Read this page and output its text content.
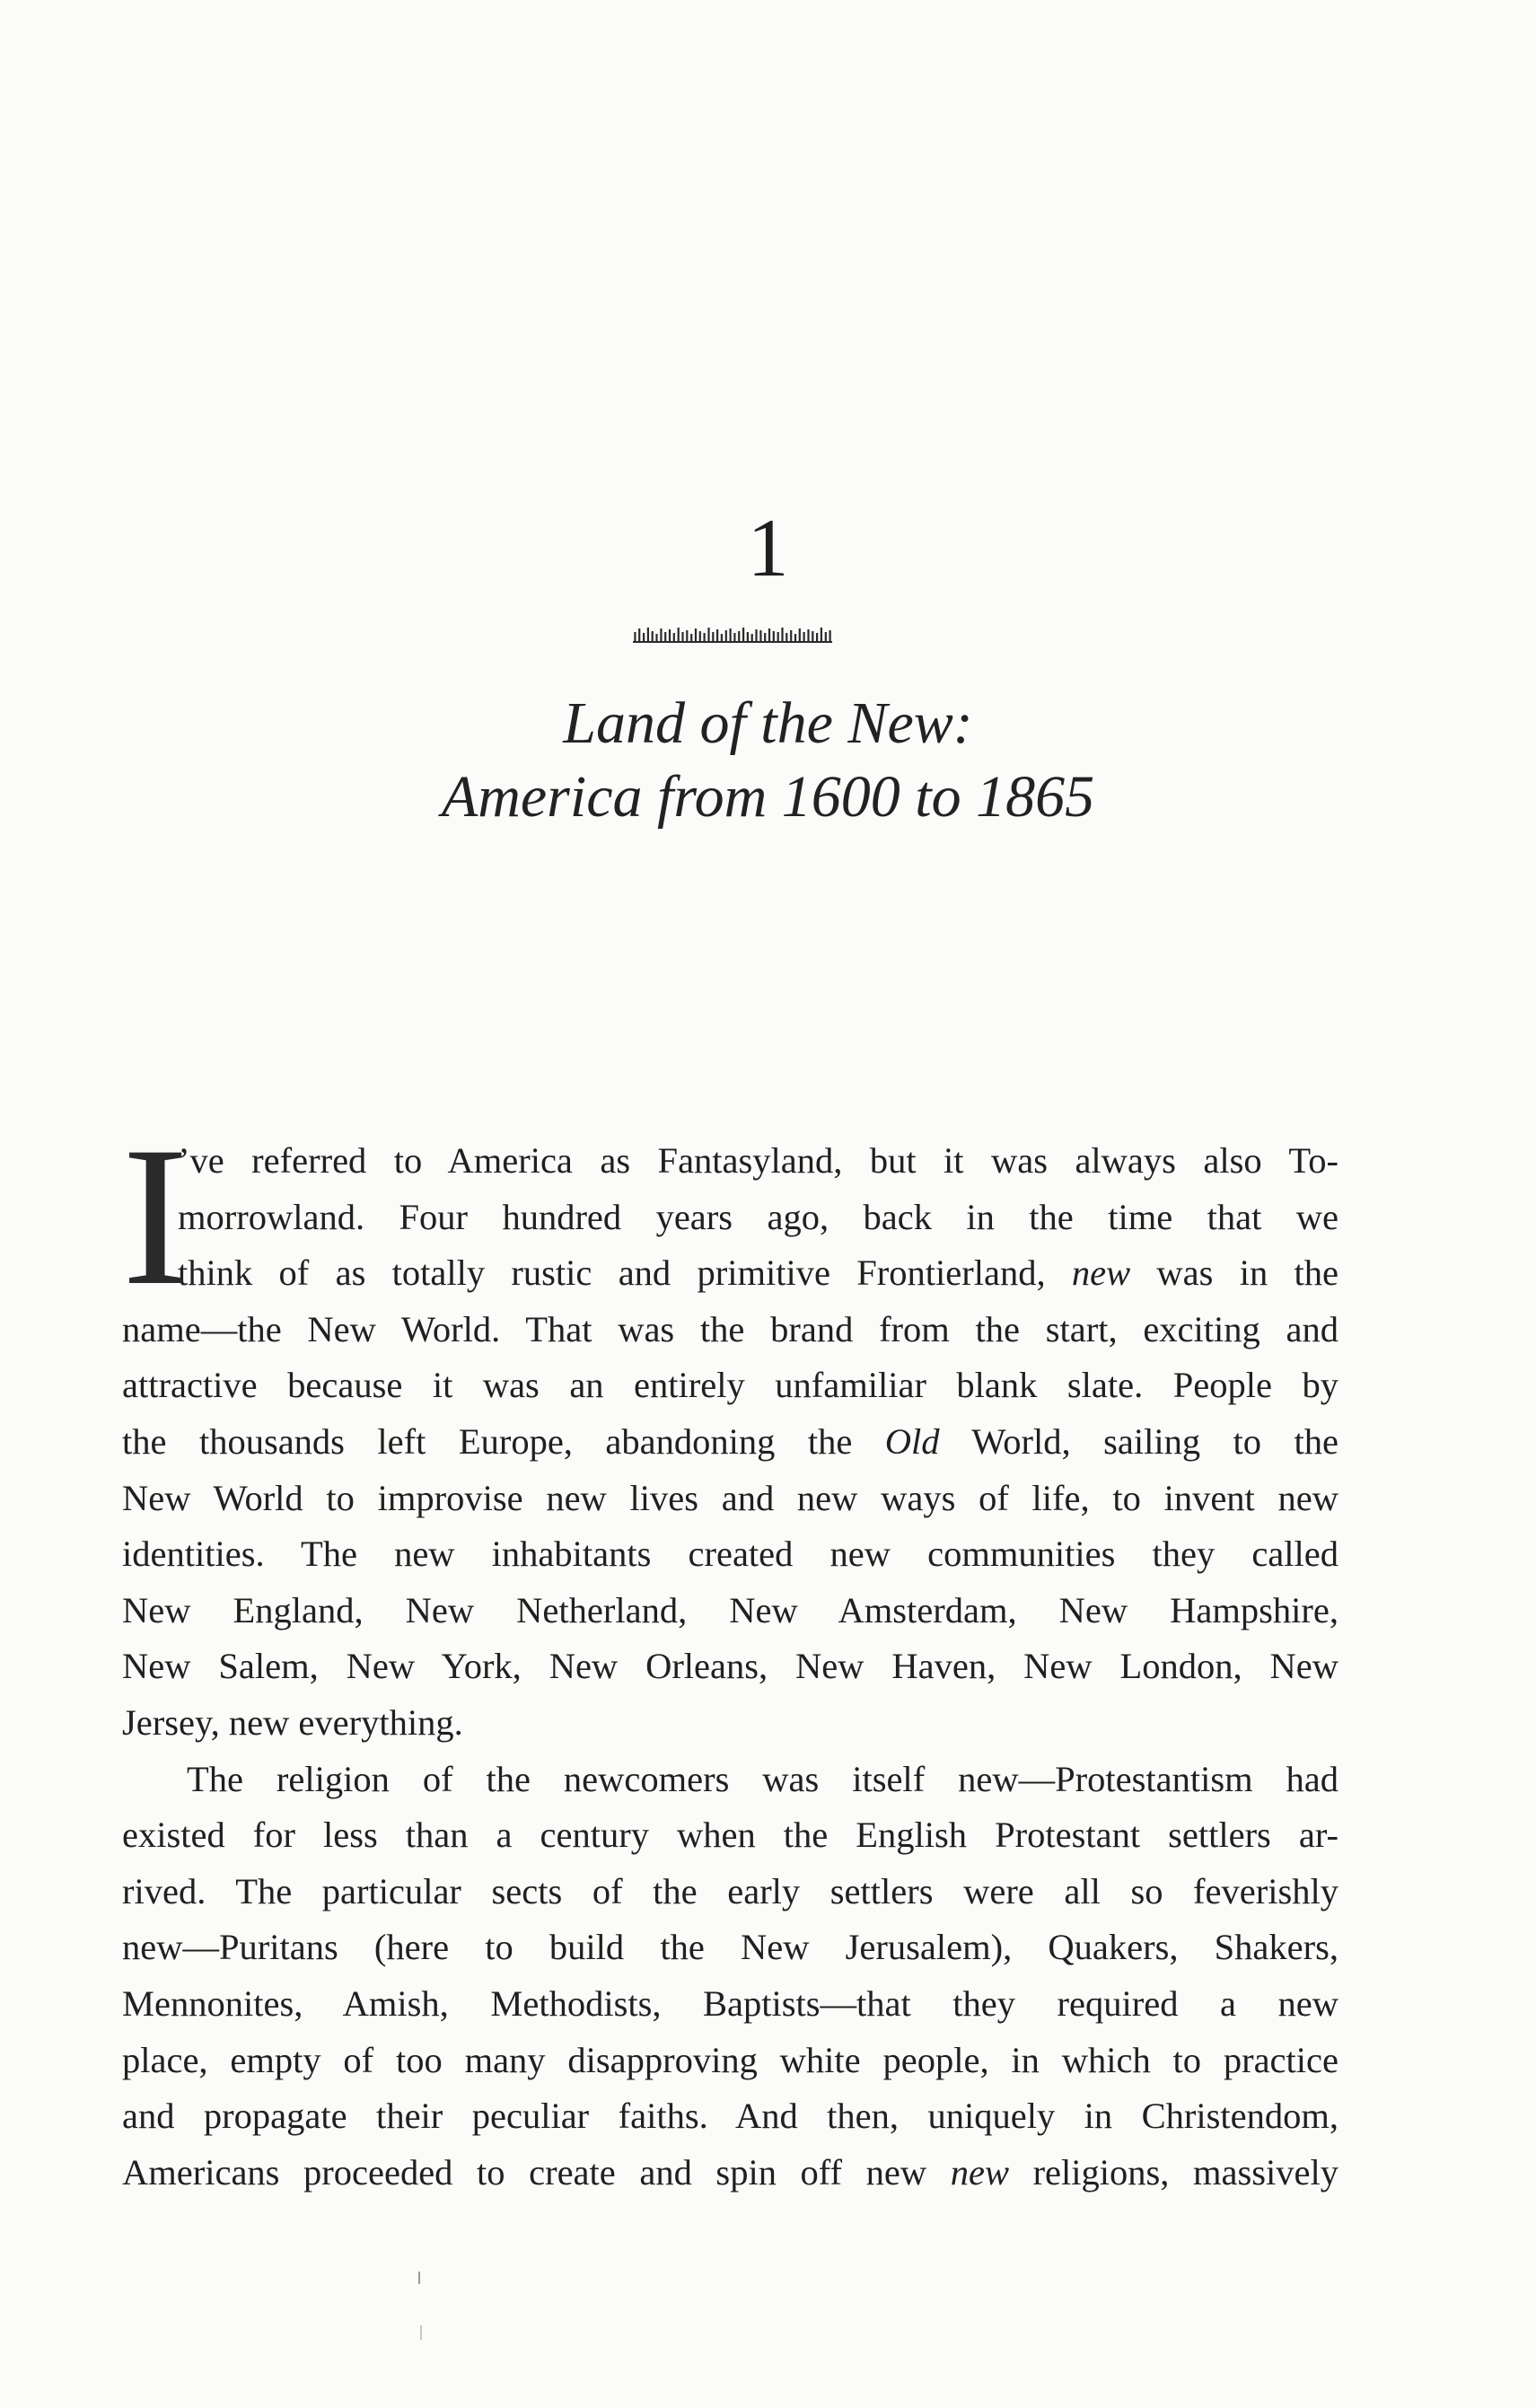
1
Land of the New:
America from 1600 to 1865
I
’ve referred to America as Fantasyland, but it was always also To-
morrowland. Four hundred years ago, back in the time that we
think of as totally rustic and primitive Frontierland, new was in the
name—the New World. That was the brand from the start, exciting and
attractive because it was an entirely unfamiliar blank slate. People by
the thousands left Europe, abandoning the Old World, sailing to the
New World to improvise new lives and new ways of life, to invent new
identities. The new inhabitants created new communities they called
New England, New Netherland, New Amsterdam, New Hampshire,
New Salem, New York, New Orleans, New Haven, New London, New
Jersey, new everything.
The religion of the newcomers was itself new—Protestantism had
existed for less than a century when the English Protestant settlers ar-
rived. The particular sects of the early settlers were all so feverishly
new—Puritans (here to build the New Jerusalem), Quakers, Shakers,
Mennonites, Amish, Methodists, Baptists—that they required a new
place, empty of too many disapproving white people, in which to practice
and propagate their peculiar faiths. And then, uniquely in Christendom,
Americans proceeded to create and spin off new new religions, massively
